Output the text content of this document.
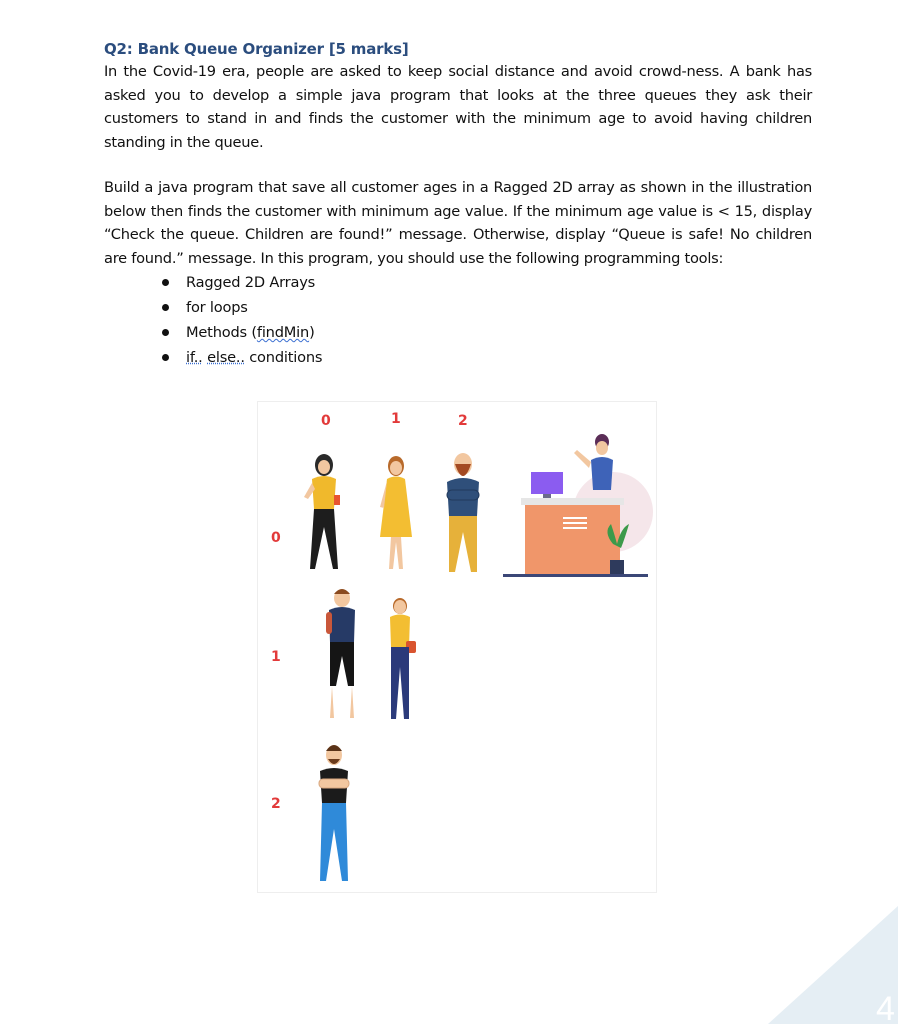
Q2: Bank Queue Organizer [5 marks]

In the Covid-19 era, people are asked to keep social distance and avoid crowd-ness. A bank has asked you to develop a simple java program that looks at the three queues they ask their customers to stand in and finds the customer with the minimum age to avoid having children standing in the queue.

Build a java program that save all customer ages in a Ragged 2D array as shown in the illustration below then finds the customer with minimum age value. If the minimum age value is < 15, display “Check the queue. Children are found!” message. Otherwise, display “Queue is safe! No children are found.” message. In this program, you should use the following programming tools:

Ragged 2D Arrays
for loops
Methods (findMin)
if.. else.. conditions
0	1	2
0
1
2
4
